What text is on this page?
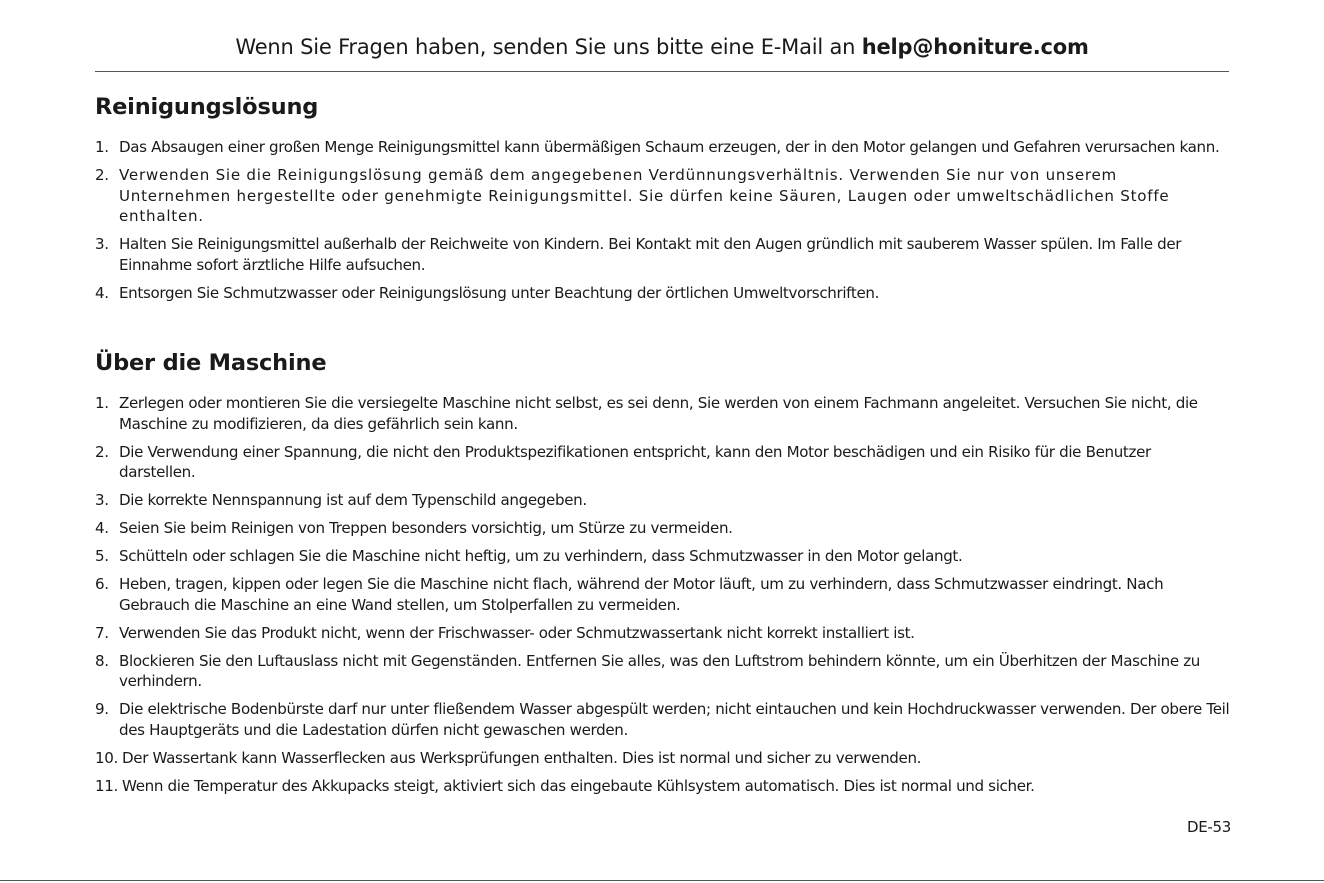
Wenn Sie Fragen haben, senden Sie uns bitte eine E-Mail an help@honiture.com
Reinigungslösung
1. Das Absaugen einer großen Menge Reinigungsmittel kann übermäßigen Schaum erzeugen, der in den Motor gelangen und Gefahren verursachen kann.
2. Verwenden Sie die Reinigungslösung gemäß dem angegebenen Verdünnungsverhältnis. Verwenden Sie nur von unserem Unternehmen hergestellte oder genehmigte Reinigungsmittel. Sie dürfen keine Säuren, Laugen oder umweltschädlichen Stoffe enthalten.
3. Halten Sie Reinigungsmittel außerhalb der Reichweite von Kindern. Bei Kontakt mit den Augen gründlich mit sauberem Wasser spülen. Im Falle der Einnahme sofort ärztliche Hilfe aufsuchen.
4. Entsorgen Sie Schmutzwasser oder Reinigungslösung unter Beachtung der örtlichen Umweltvorschriften.
Über die Maschine
1. Zerlegen oder montieren Sie die versiegelte Maschine nicht selbst, es sei denn, Sie werden von einem Fachmann angeleitet. Versuchen Sie nicht, die Maschine zu modifizieren, da dies gefährlich sein kann.
2. Die Verwendung einer Spannung, die nicht den Produktspezifikationen entspricht, kann den Motor beschädigen und ein Risiko für die Benutzer darstellen.
3. Die korrekte Nennspannung ist auf dem Typenschild angegeben.
4. Seien Sie beim Reinigen von Treppen besonders vorsichtig, um Stürze zu vermeiden.
5. Schütteln oder schlagen Sie die Maschine nicht heftig, um zu verhindern, dass Schmutzwasser in den Motor gelangt.
6. Heben, tragen, kippen oder legen Sie die Maschine nicht flach, während der Motor läuft, um zu verhindern, dass Schmutzwasser eindringt. Nach Gebrauch die Maschine an eine Wand stellen, um Stolperfallen zu vermeiden.
7. Verwenden Sie das Produkt nicht, wenn der Frischwasser- oder Schmutzwassertank nicht korrekt installiert ist.
8. Blockieren Sie den Luftauslass nicht mit Gegenständen. Entfernen Sie alles, was den Luftstrom behindern könnte, um ein Überhitzen der Maschine zu verhindern.
9. Die elektrische Bodenbürste darf nur unter fließendem Wasser abgespült werden; nicht eintauchen und kein Hochdruckwasser verwenden. Der obere Teil des Hauptgeräts und die Ladestation dürfen nicht gewaschen werden.
10. Der Wassertank kann Wasserflecken aus Werksprüfungen enthalten. Dies ist normal und sicher zu verwenden.
11. Wenn die Temperatur des Akkupacks steigt, aktiviert sich das eingebaute Kühlsystem automatisch. Dies ist normal und sicher.
DE-53
